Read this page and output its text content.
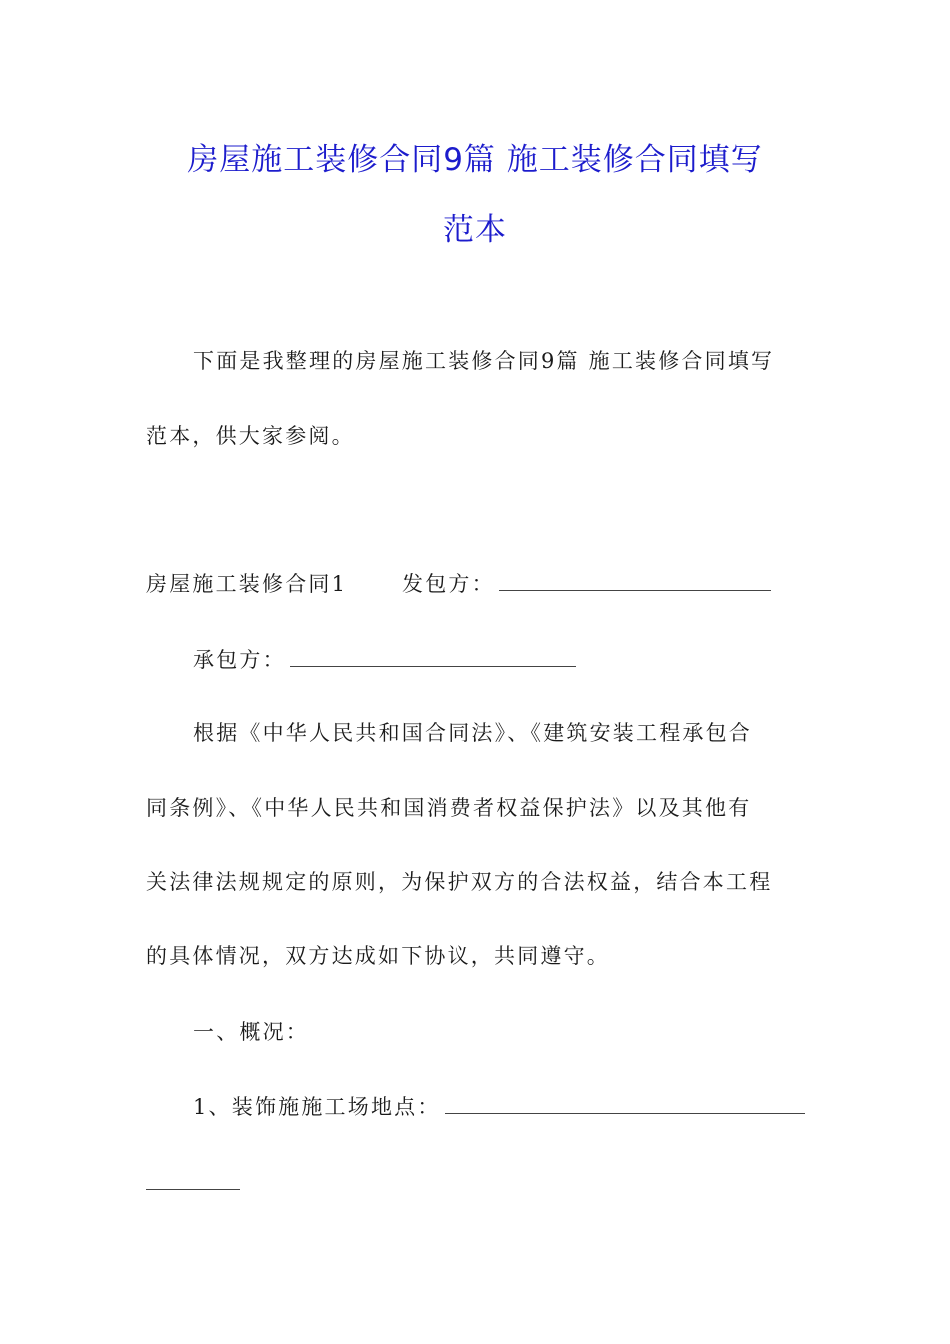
房屋施工装修合同9篇 施工装修合同填写
范本
下面是我整理的房屋施工装修合同9篇 施工装修合同填写
范本，供大家参阅。
房屋施工装修合同1	发包方：
承包方：
根据《中华人民共和国合同法》、《建筑安装工程承包合
同条例》、《中华人民共和国消费者权益保护法》以及其他有
关法律法规规定的原则，为保护双方的合法权益，结合本工程
的具体情况，双方达成如下协议，共同遵守。
一、概况：
1、装饰施施工场地点：
